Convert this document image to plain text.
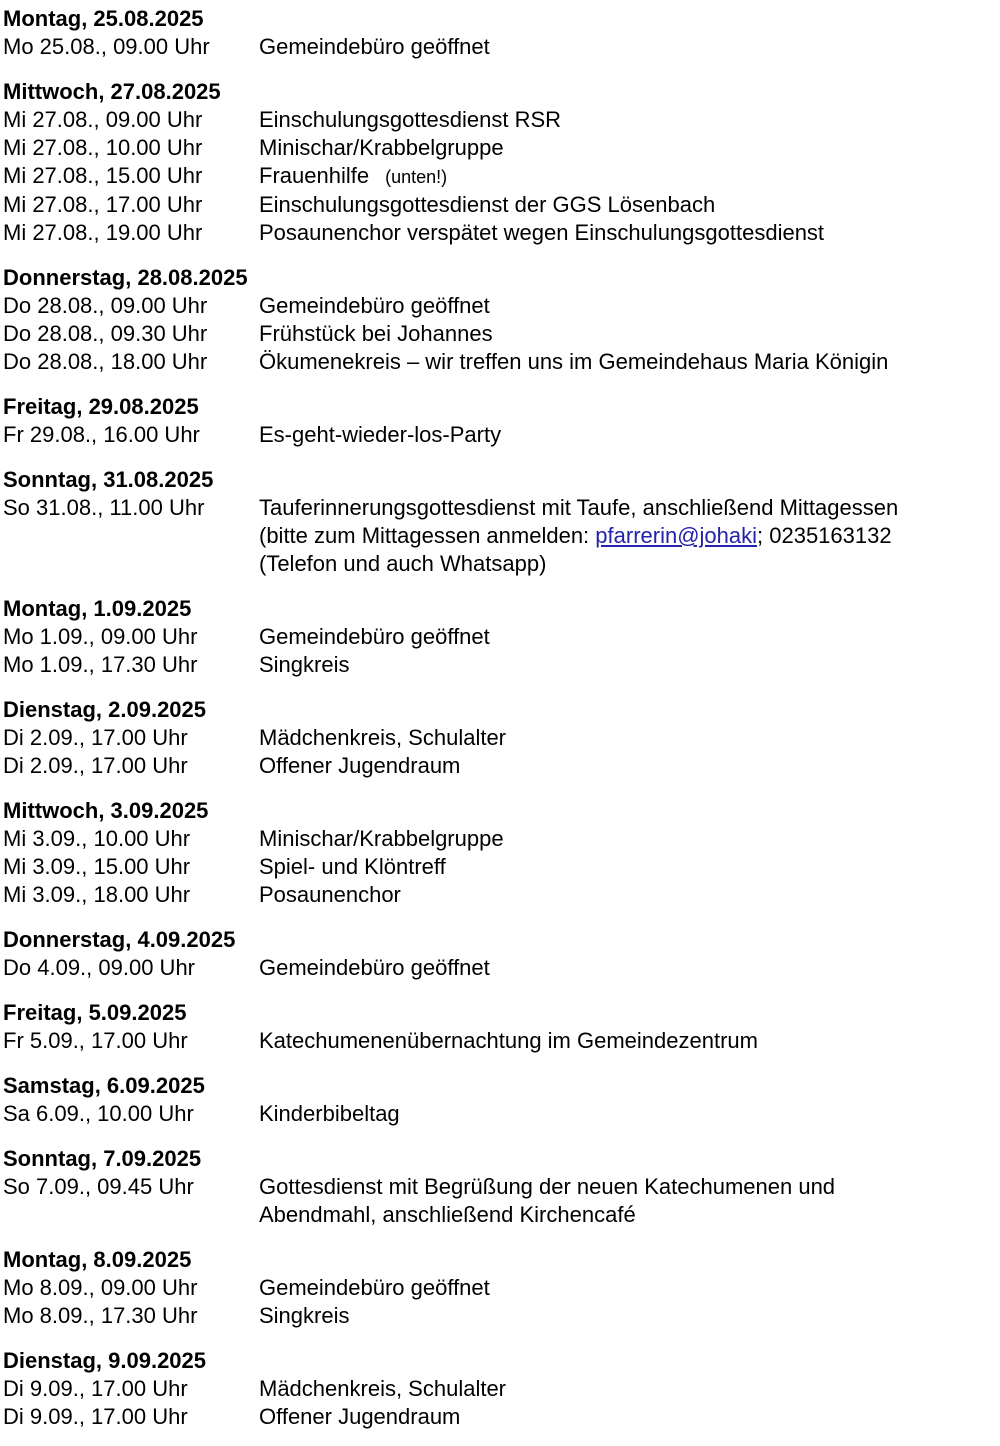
Montag, 25.08.2025
Mo 25.08., 09.00 Uhr	Gemeindebüro geöffnet
Mittwoch, 27.08.2025
Mi 27.08., 09.00 Uhr	Einschulungsgottesdienst RSR
Mi 27.08., 10.00 Uhr	Minischar/Krabbelgruppe
Mi 27.08., 15.00 Uhr	Frauenhilfe (unten!)
Mi 27.08., 17.00 Uhr	Einschulungsgottesdienst der GGS Lösenbach
Mi 27.08., 19.00 Uhr	Posaunenchor verspätet wegen Einschulungsgottesdienst
Donnerstag, 28.08.2025
Do 28.08., 09.00 Uhr	Gemeindebüro geöffnet
Do 28.08., 09.30 Uhr	Frühstück bei Johannes
Do 28.08., 18.00 Uhr	Ökumenekreis – wir treffen uns im Gemeindehaus Maria Königin
Freitag, 29.08.2025
Fr 29.08., 16.00 Uhr	Es-geht-wieder-los-Party
Sonntag, 31.08.2025
So 31.08., 11.00 Uhr	Tauferinnerungsgottesdienst mit Taufe, anschließend Mittagessen
(bitte zum Mittagessen anmelden: pfarrerin@johaki; 0235163132
(Telefon und auch Whatsapp)
Montag, 1.09.2025
Mo 1.09., 09.00 Uhr	Gemeindebüro geöffnet
Mo 1.09., 17.30 Uhr	Singkreis
Dienstag, 2.09.2025
Di 2.09., 17.00 Uhr	Mädchenkreis, Schulalter
Di 2.09., 17.00 Uhr	Offener Jugendraum
Mittwoch, 3.09.2025
Mi 3.09., 10.00 Uhr	Minischar/Krabbelgruppe
Mi 3.09., 15.00 Uhr	Spiel- und Klöntreff
Mi 3.09., 18.00 Uhr	Posaunenchor
Donnerstag, 4.09.2025
Do 4.09., 09.00 Uhr	Gemeindebüro geöffnet
Freitag, 5.09.2025
Fr 5.09., 17.00 Uhr	Katechumenenübernachtung im Gemeindezentrum
Samstag, 6.09.2025
Sa 6.09., 10.00 Uhr	Kinderbibeltag
Sonntag, 7.09.2025
So 7.09., 09.45 Uhr	Gottesdienst mit Begrüßung der neuen Katechumenen und
Abendmahl, anschließend Kirchencafé
Montag, 8.09.2025
Mo 8.09., 09.00 Uhr	Gemeindebüro geöffnet
Mo 8.09., 17.30 Uhr	Singkreis
Dienstag, 9.09.2025
Di 9.09., 17.00 Uhr	Mädchenkreis, Schulalter
Di 9.09., 17.00 Uhr	Offener Jugendraum
